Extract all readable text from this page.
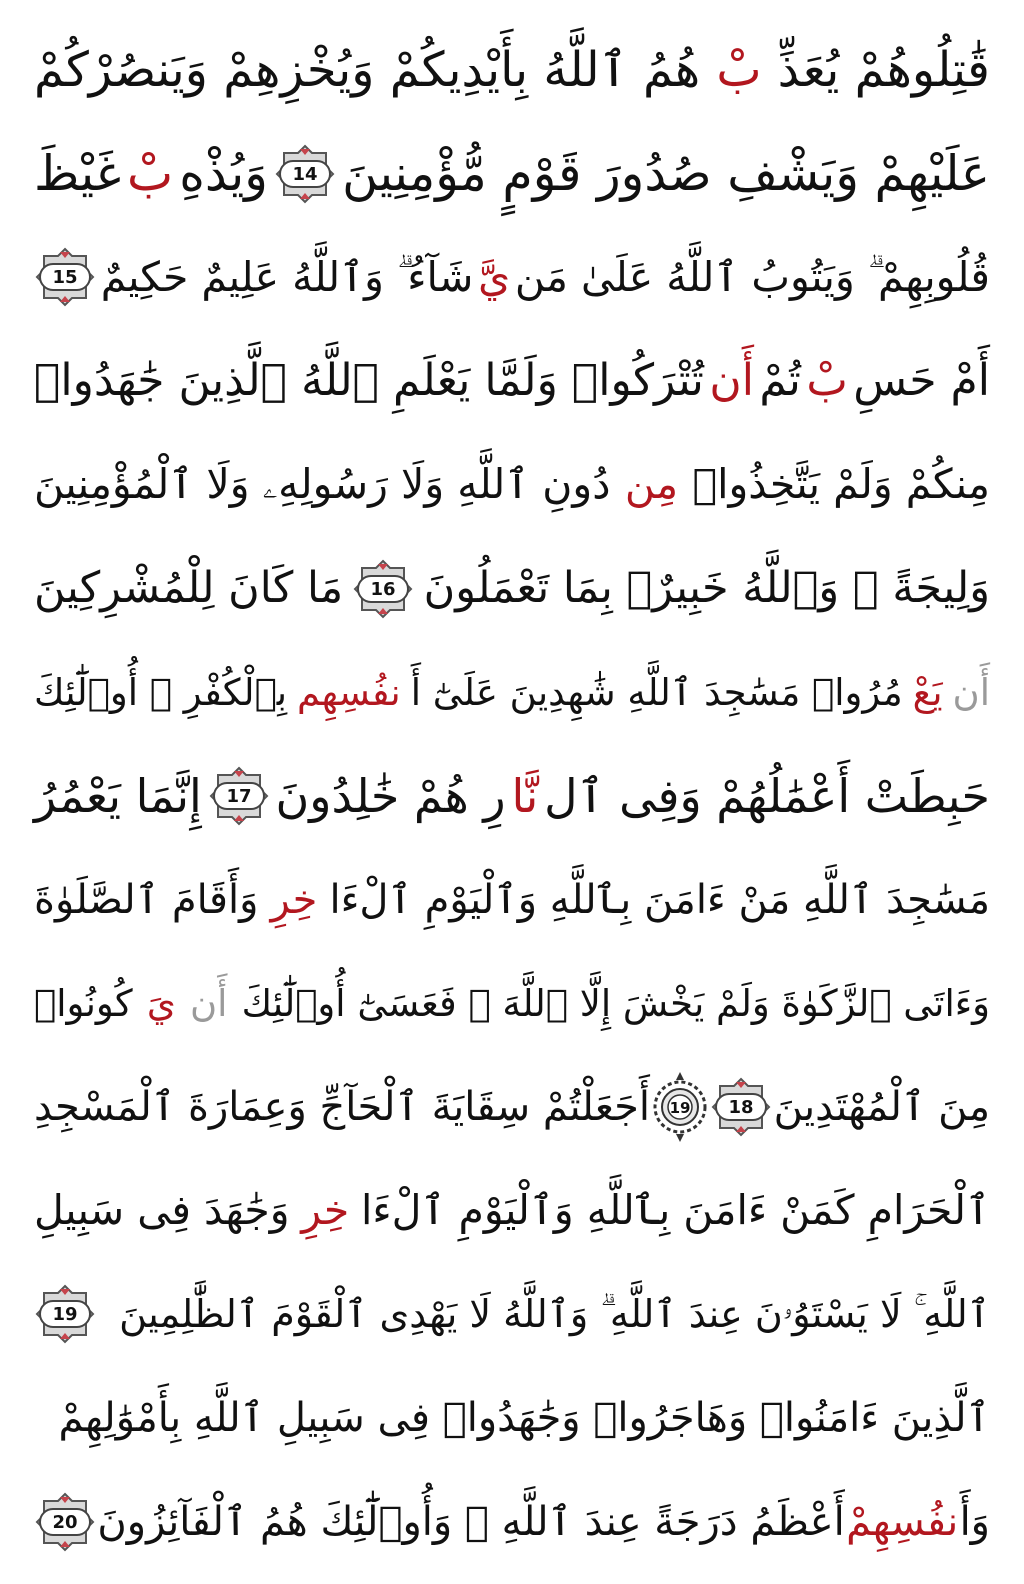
قَٰتِلُوهُمْ يُعَذِّ
بْ
هُمُ ٱللَّهُ بِأَيْدِيكُمْ وَيُخْزِهِمْ وَيَنصُرْكُمْ
عَلَيْهِمْ وَيَشْفِ صُدُورَ قَوْمٍ مُّؤْمِنِينَ
14
وَيُذْهِ
بْ
غَيْظَ
قُلُوبِهِمْ ۗ وَيَتُوبُ ٱللَّهُ عَلَىٰ مَن
يَّ
شَآءُ ۗ وَٱللَّهُ عَلِيمٌ حَكِيمٌ
15
أَمْ حَسِ
بْ
تُمْ
أَن
تُتْرَكُوا۟ وَلَمَّا يَعْلَمِ ٱللَّهُ ٱلَّذِينَ جَٰهَدُوا۟
مِنكُمْ وَلَمْ يَتَّخِذُوا۟
مِن
دُونِ ٱللَّهِ وَلَا رَسُولِهِۦ وَلَا ٱلْمُؤْمِنِينَ
وَلِيجَةً ۚ وَٱللَّهُ خَبِيرٌۢ بِمَا تَعْمَلُونَ
16
مَا كَانَ لِلْمُشْرِكِينَ
أَن
يَعْ
مُرُوا۟ مَسَٰجِدَ ٱللَّهِ شَٰهِدِينَ عَلَىٰٓ أَ
نفُسِهِم
بِٱلْكُفْرِ ۚ أُو۟لَٰٓئِكَ
حَبِطَتْ أَعْمَٰلُهُمْ وَفِى ٱل
نَّا
رِ هُمْ خَٰلِدُونَ
17
إِنَّمَا يَعْمُرُ
مَسَٰجِدَ ٱللَّهِ مَنْ ءَامَنَ بِٱللَّهِ وَٱلْيَوْمِ ٱلْءَا
خِرِ
وَأَقَامَ ٱلصَّلَوٰةَ
وَءَاتَى ٱلزَّكَوٰةَ وَلَمْ يَخْشَ إِلَّا ٱللَّهَ ۖ فَعَسَىٰٓ أُو۟لَٰٓئِكَ
أَن
يَ
كُونُوا۟
مِنَ ٱلْمُهْتَدِينَ
18
19
أَجَعَلْتُمْ سِقَايَةَ ٱلْحَآجِّ وَعِمَارَةَ ٱلْمَسْجِدِ
ٱلْحَرَامِ كَمَنْ ءَامَنَ بِٱللَّهِ وَٱلْيَوْمِ ٱلْءَا
خِرِ
وَجَٰهَدَ فِى سَبِيلِ
ٱللَّهِ ۚ لَا يَسْتَوُۥنَ عِندَ ٱللَّهِ ۗ وَٱللَّهُ لَا يَهْدِى ٱلْقَوْمَ ٱلظَّٰلِمِينَ
19
ٱلَّذِينَ ءَامَنُوا۟ وَهَاجَرُوا۟ وَجَٰهَدُوا۟ فِى سَبِيلِ ٱللَّهِ بِأَمْوَٰلِهِمْ
وَأَ
نفُسِهِمْ
أَعْظَمُ دَرَجَةً عِندَ ٱللَّهِ ۚ وَأُو۟لَٰٓئِكَ هُمُ ٱلْفَآئِزُونَ
20
